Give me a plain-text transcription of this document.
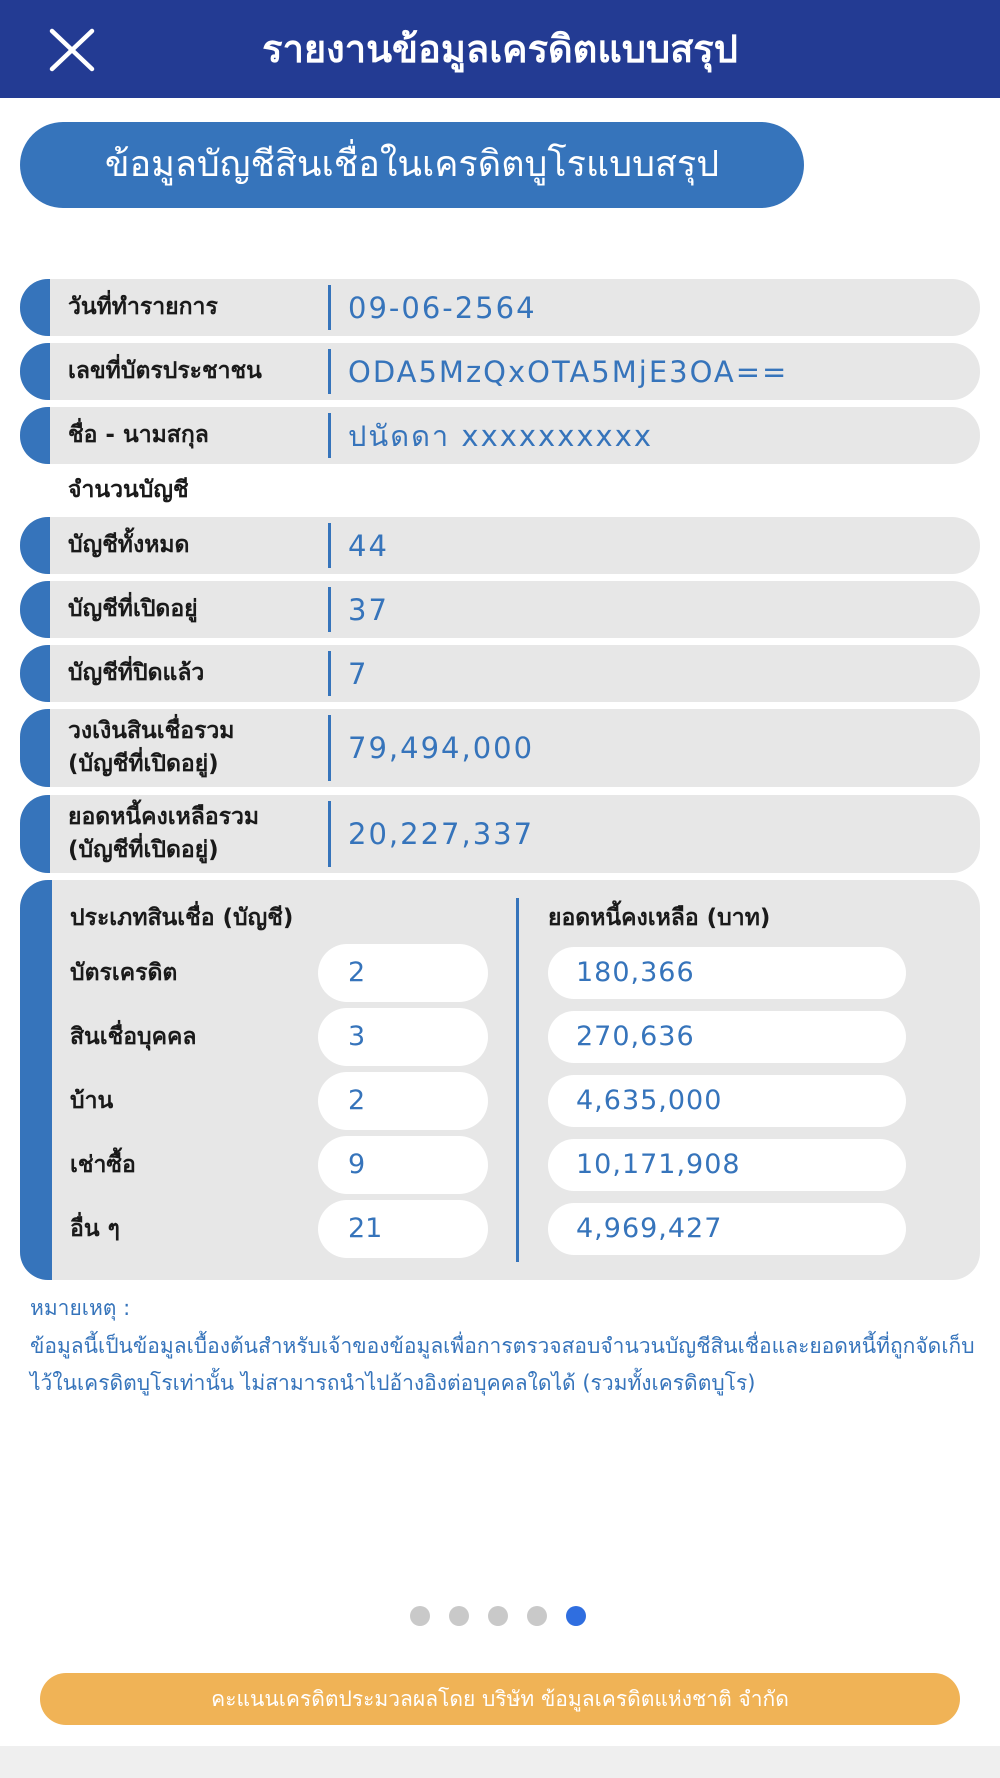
รายงานข้อมูลเครดิตแบบสรุป
ข้อมูลบัญชีสินเชื่อในเครดิตบูโรแบบสรุป
วันที่ทำรายการ	09-06-2564
เลขที่บัตรประชาชน	ODA5MzQxOTA5MjE3OA==
ชื่อ - นามสกุล	ปนัดดา xxxxxxxxxx
จำนวนบัญชี
บัญชีทั้งหมด	44
บัญชีที่เปิดอยู่	37
บัญชีที่ปิดแล้ว	7
วงเงินสินเชื่อรวม
(บัญชีที่เปิดอยู่)	79,494,000
ยอดหนี้คงเหลือรวม
(บัญชีที่เปิดอยู่)	20,227,337
ประเภทสินเชื่อ (บัญชี)	ยอดหนี้คงเหลือ (บาท)
บัตรเครดิต	2	180,366
สินเชื่อบุคคล	3	270,636
บ้าน	2	4,635,000
เช่าซื้อ	9	10,171,908
อื่น ๆ	21	4,969,427
หมายเหตุ :
ข้อมูลนี้เป็นข้อมูลเบื้องต้นสำหรับเจ้าของข้อมูลเพื่อการตรวจสอบจำนวนบัญชีสินเชื่อและยอดหนี้ที่ถูกจัดเก็บไว้ในเครดิตบูโรเท่านั้น ไม่สามารถนำไปอ้างอิงต่อบุคคลใดได้ (รวมทั้งเครดิตบูโร)
คะแนนเครดิตประมวลผลโดย บริษัท ข้อมูลเครดิตแห่งชาติ จำกัด
